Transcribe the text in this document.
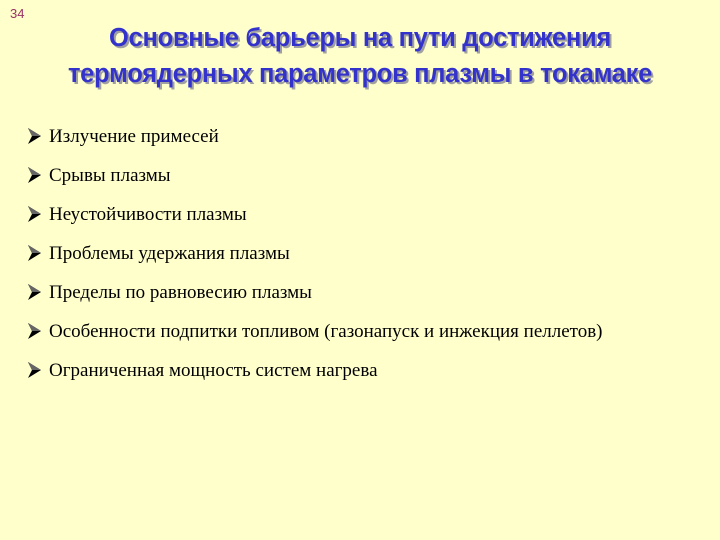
34
Основные барьеры на пути достижения
термоядерных параметров плазмы в токамаке
Излучение примесей
Срывы плазмы
Неустойчивости плазмы
Проблемы удержания плазмы
Пределы по равновесию плазмы
Особенности подпитки топливом (газонапуск и инжекция пеллетов)
Ограниченная мощность систем нагрева
